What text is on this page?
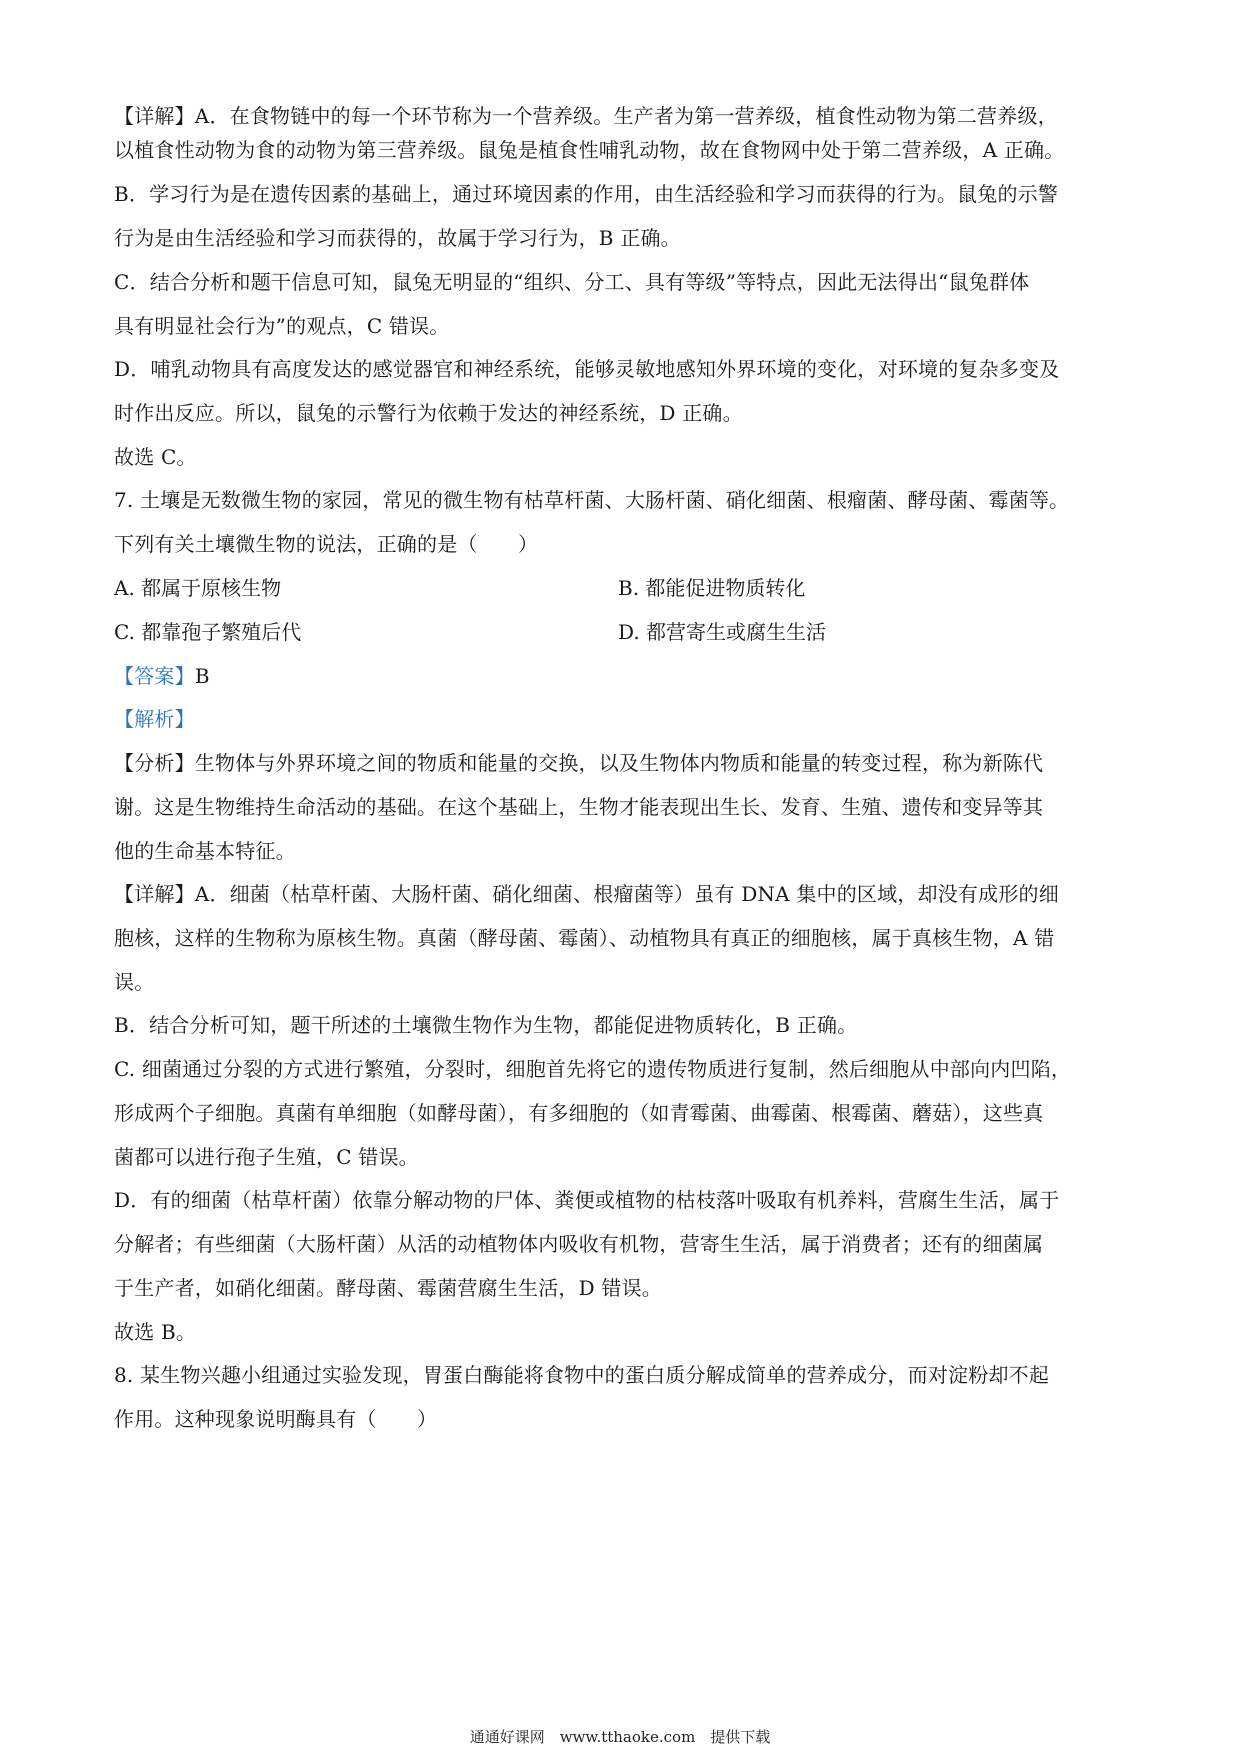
【详解】A．在食物链中的每一个环节称为一个营养级。生产者为第一营养级，植食性动物为第二营养级，
以植食性动物为食的动物为第三营养级。鼠兔是植食性哺乳动物，故在食物网中处于第二营养级，A 正确。
B．学习行为是在遗传因素的基础上，通过环境因素的作用，由生活经验和学习而获得的行为。鼠兔的示警
行为是由生活经验和学习而获得的，故属于学习行为，B 正确。
C．结合分析和题干信息可知，鼠兔无明显的“组织、分工、具有等级”等特点，因此无法得出“鼠兔群体
具有明显社会行为”的观点，C 错误。
D．哺乳动物具有高度发达的感觉器官和神经系统，能够灵敏地感知外界环境的变化，对环境的复杂多变及
时作出反应。所以，鼠兔的示警行为依赖于发达的神经系统，D 正确。
故选 C。
7. 土壤是无数微生物的家园，常见的微生物有枯草杆菌、大肠杆菌、硝化细菌、根瘤菌、酵母菌、霉菌等。
下列有关土壤微生物的说法，正确的是（　　）
A. 都属于原核生物	B. 都能促进物质转化
C. 都靠孢子繁殖后代	D. 都营寄生或腐生生活
【答案】B
【解析】
【分析】生物体与外界环境之间的物质和能量的交换，以及生物体内物质和能量的转变过程，称为新陈代
谢。这是生物维持生命活动的基础。在这个基础上，生物才能表现出生长、发育、生殖、遗传和变异等其
他的生命基本特征。
【详解】A．细菌（枯草杆菌、大肠杆菌、硝化细菌、根瘤菌等）虽有 DNA 集中的区域，却没有成形的细
胞核，这样的生物称为原核生物。真菌（酵母菌、霉菌）、动植物具有真正的细胞核，属于真核生物，A 错
误。
B．结合分析可知，题干所述的土壤微生物作为生物，都能促进物质转化，B 正确。
C. 细菌通过分裂的方式进行繁殖，分裂时，细胞首先将它的遗传物质进行复制，然后细胞从中部向内凹陷，
形成两个子细胞。真菌有单细胞（如酵母菌），有多细胞的（如青霉菌、曲霉菌、根霉菌、蘑菇），这些真
菌都可以进行孢子生殖，C 错误。
D．有的细菌（枯草杆菌）依靠分解动物的尸体、粪便或植物的枯枝落叶吸取有机养料，营腐生生活，属于
分解者；有些细菌（大肠杆菌）从活的动植物体内吸收有机物，营寄生生活，属于消费者；还有的细菌属
于生产者，如硝化细菌。酵母菌、霉菌营腐生生活，D 错误。
故选 B。
8. 某生物兴趣小组通过实验发现，胃蛋白酶能将食物中的蛋白质分解成简单的营养成分，而对淀粉却不起
作用。这种现象说明酶具有（　　）
通通好课网　www.tthaoke.com　提供下载
